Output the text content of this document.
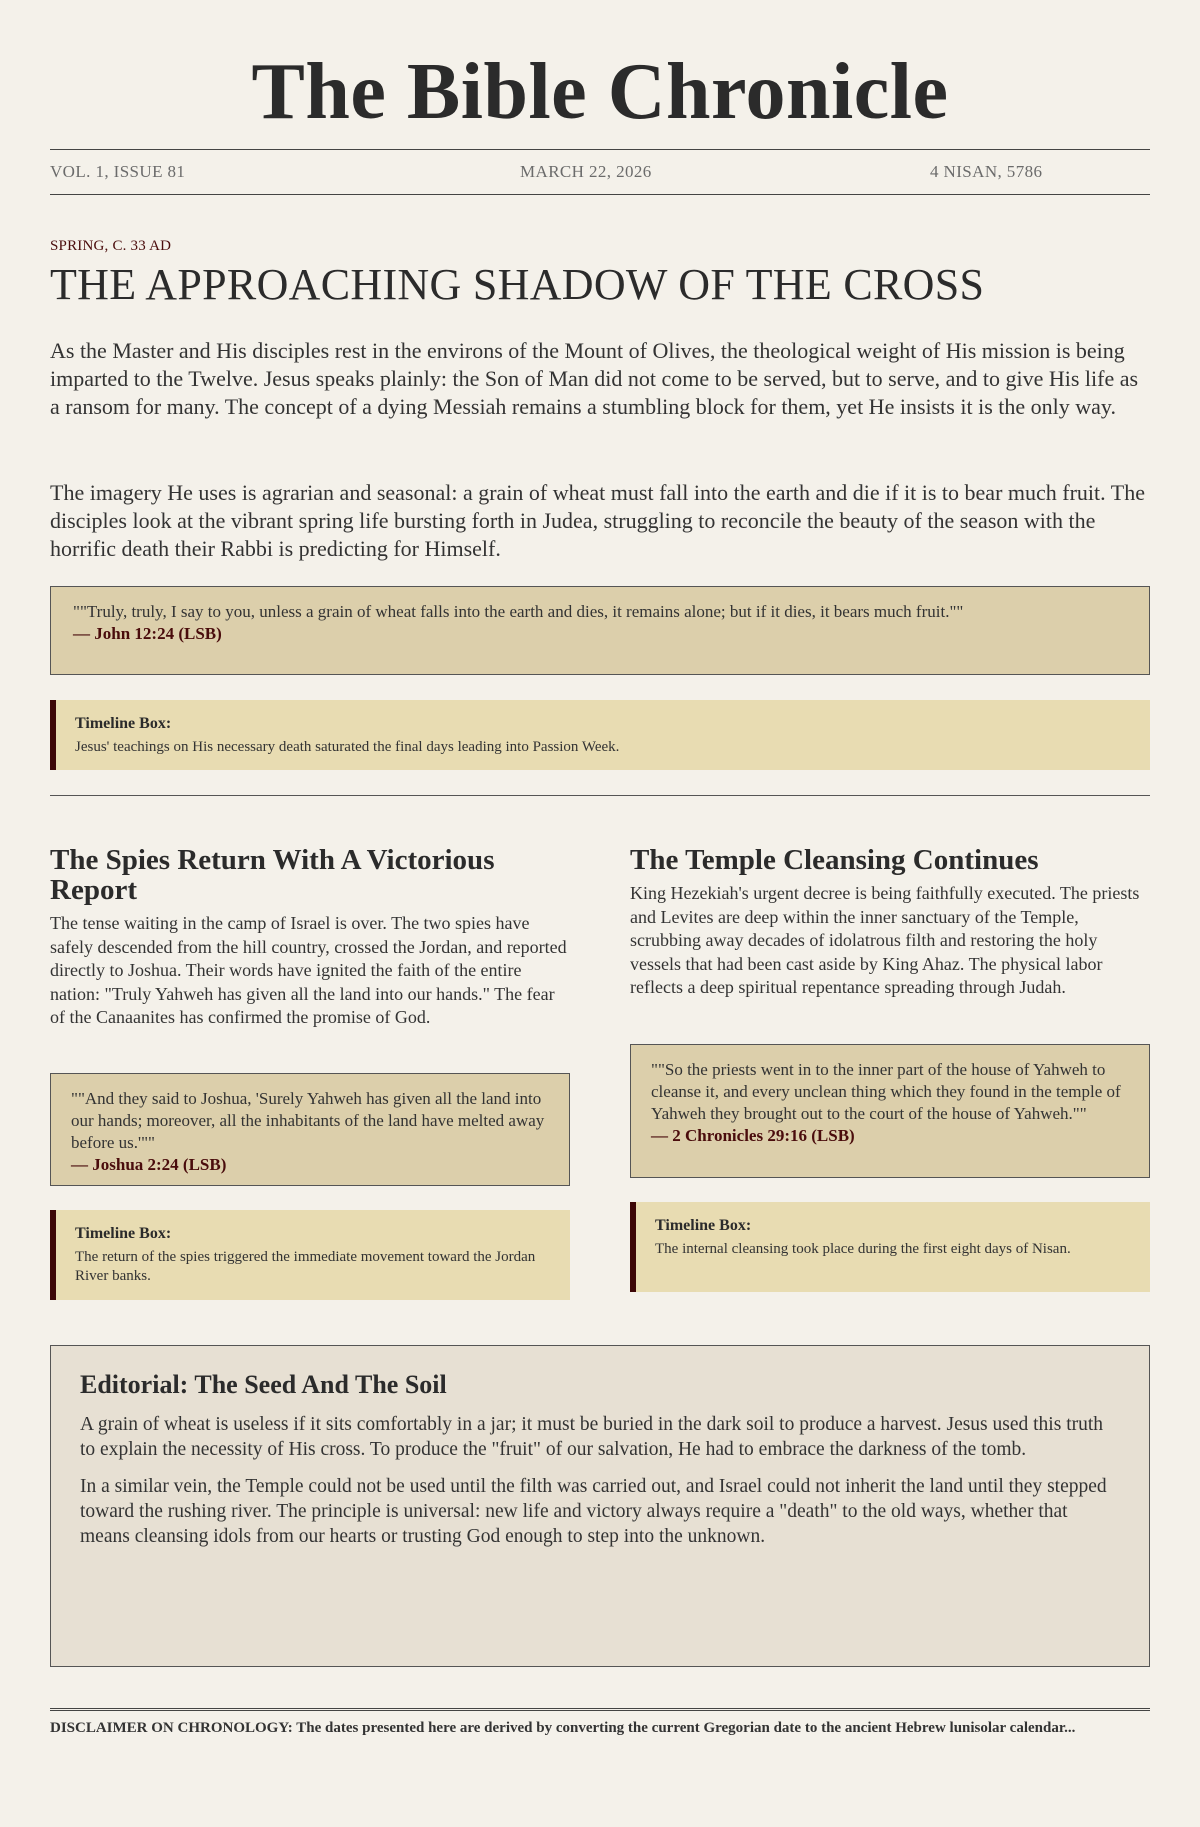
The Bible Chronicle
VOL. 1, ISSUE 81	MARCH 22, 2026	4 NISAN, 5786
SPRING, C. 33 AD
THE APPROACHING SHADOW OF THE CROSS

As the Master and His disciples rest in the environs of the Mount of Olives, the theological weight of His mission is being imparted to the Twelve. Jesus speaks plainly: the Son of Man did not come to be served, but to serve, and to give His life as a ransom for many. The concept of a dying Messiah remains a stumbling block for them, yet He insists it is the only way.

The imagery He uses is agrarian and seasonal: a grain of wheat must fall into the earth and die if it is to bear much fruit. The disciples look at the vibrant spring life bursting forth in Judea, struggling to reconcile the beauty of the season with the horrific death their Rabbi is predicting for Himself.

""Truly, truly, I say to you, unless a grain of wheat falls into the earth and dies, it remains alone; but if it dies, it bears much fruit.""
— John 12:24 (LSB)
Timeline Box:
Jesus' teachings on His necessary death saturated the final days leading into Passion Week.
The Spies Return With A Victorious Report

The tense waiting in the camp of Israel is over. The two spies have safely descended from the hill country, crossed the Jordan, and reported directly to Joshua. Their words have ignited the faith of the entire nation: "Truly Yahweh has given all the land into our hands." The fear of the Canaanites has confirmed the promise of God.

""And they said to Joshua, 'Surely Yahweh has given all the land into our hands; moreover, all the inhabitants of the land have melted away before us.'""
— Joshua 2:24 (LSB)
Timeline Box:
The return of the spies triggered the immediate movement toward the Jordan River banks.
The Temple Cleansing Continues

King Hezekiah's urgent decree is being faithfully executed. The priests and Levites are deep within the inner sanctuary of the Temple, scrubbing away decades of idolatrous filth and restoring the holy vessels that had been cast aside by King Ahaz. The physical labor reflects a deep spiritual repentance spreading through Judah.

""So the priests went in to the inner part of the house of Yahweh to cleanse it, and every unclean thing which they found in the temple of Yahweh they brought out to the court of the house of Yahweh.""
— 2 Chronicles 29:16 (LSB)
Timeline Box:
The internal cleansing took place during the first eight days of Nisan.
Editorial: The Seed And The Soil

A grain of wheat is useless if it sits comfortably in a jar; it must be buried in the dark soil to produce a harvest. Jesus used this truth to explain the necessity of His cross. To produce the "fruit" of our salvation, He had to embrace the darkness of the tomb.

In a similar vein, the Temple could not be used until the filth was carried out, and Israel could not inherit the land until they stepped toward the rushing river. The principle is universal: new life and victory always require a "death" to the old ways, whether that means cleansing idols from our hearts or trusting God enough to step into the unknown.

DISCLAIMER ON CHRONOLOGY: The dates presented here are derived by converting the current Gregorian date to the ancient Hebrew lunisolar calendar...
